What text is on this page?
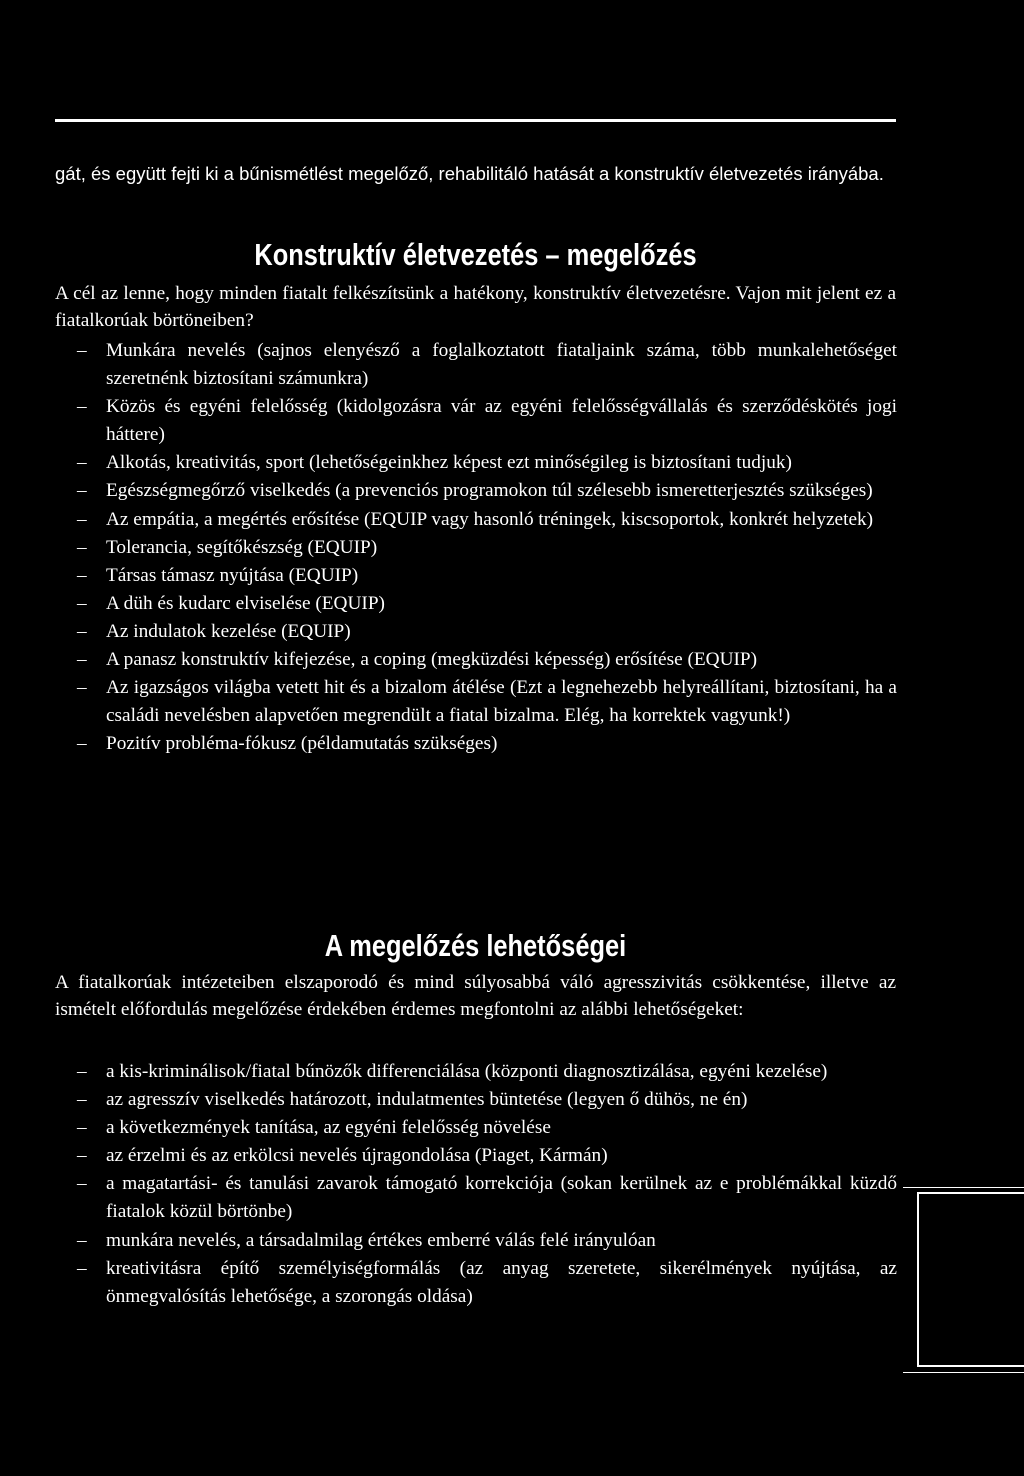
gát, és együtt fejti ki a bűnismétlést megelőző, rehabilitáló hatását a konstruktív életvezetés irányába.

Konstruktív életvezetés – megelőzés

A cél az lenne, hogy minden fiatalt felkészítsünk a hatékony, konstruktív életvezetésre. Vajon mit jelent ez a fiatalkorúak börtöneiben?

–	Munkára nevelés (sajnos elenyésző a foglalkoztatott fiataljaink száma, több munkalehetőséget szeretnénk biztosítani számunkra)
–	Közös és egyéni felelősség (kidolgozásra vár az egyéni felelősségvállalás és szerződéskötés jogi háttere)
–	Alkotás, kreativitás, sport (lehetőségeinkhez képest ezt minőségileg is biztosítani tudjuk)
–	Egészségmegőrző viselkedés (a prevenciós programokon túl szélesebb ismeretterjesztés szükséges)
–	Az empátia, a megértés erősítése (EQUIP vagy hasonló tréningek, kiscsoportok, konkrét helyzetek)
–	Tolerancia, segítőkészség (EQUIP)
–	Társas támasz nyújtása (EQUIP)
–	A düh és kudarc elviselése (EQUIP)
–	Az indulatok kezelése (EQUIP)
–	A panasz konstruktív kifejezése, a coping (megküzdési képesség) erősítése (EQUIP)
–	Az igazságos világba vetett hit és a bizalom átélése (Ezt a legnehezebb helyreállítani, biztosítani, ha a családi nevelésben alapvetően megrendült a fiatal bizalma. Elég, ha korrektek vagyunk!)
–	Pozitív probléma-fókusz (példamutatás szükséges)
A megelőzés lehetőségei

A fiatalkorúak intézeteiben elszaporodó és mind súlyosabbá váló agresszivitás csökkentése, illetve az ismételt előfordulás megelőzése érdekében érdemes megfontolni az alábbi lehetőségeket:

–	a kis-kriminálisok/fiatal bűnözők differenciálása (központi diagnosztizálása, egyéni kezelése)
–	az agresszív viselkedés határozott, indulatmentes büntetése (legyen ő dühös, ne én)
–	a következmények tanítása, az egyéni felelősség növelése
–	az érzelmi és az erkölcsi nevelés újragondolása (Piaget, Kármán)
–	a magatartási- és tanulási zavarok támogató korrekciója (sokan kerülnek az e problémákkal küzdő fiatalok közül börtönbe)
–	munkára nevelés, a társadalmilag értékes emberré válás felé irányulóan
–	kreativitásra építő személyiségformálás (az anyag szeretete, sikerélmények nyújtása, az önmegvalósítás lehetősége, a szorongás oldása)
